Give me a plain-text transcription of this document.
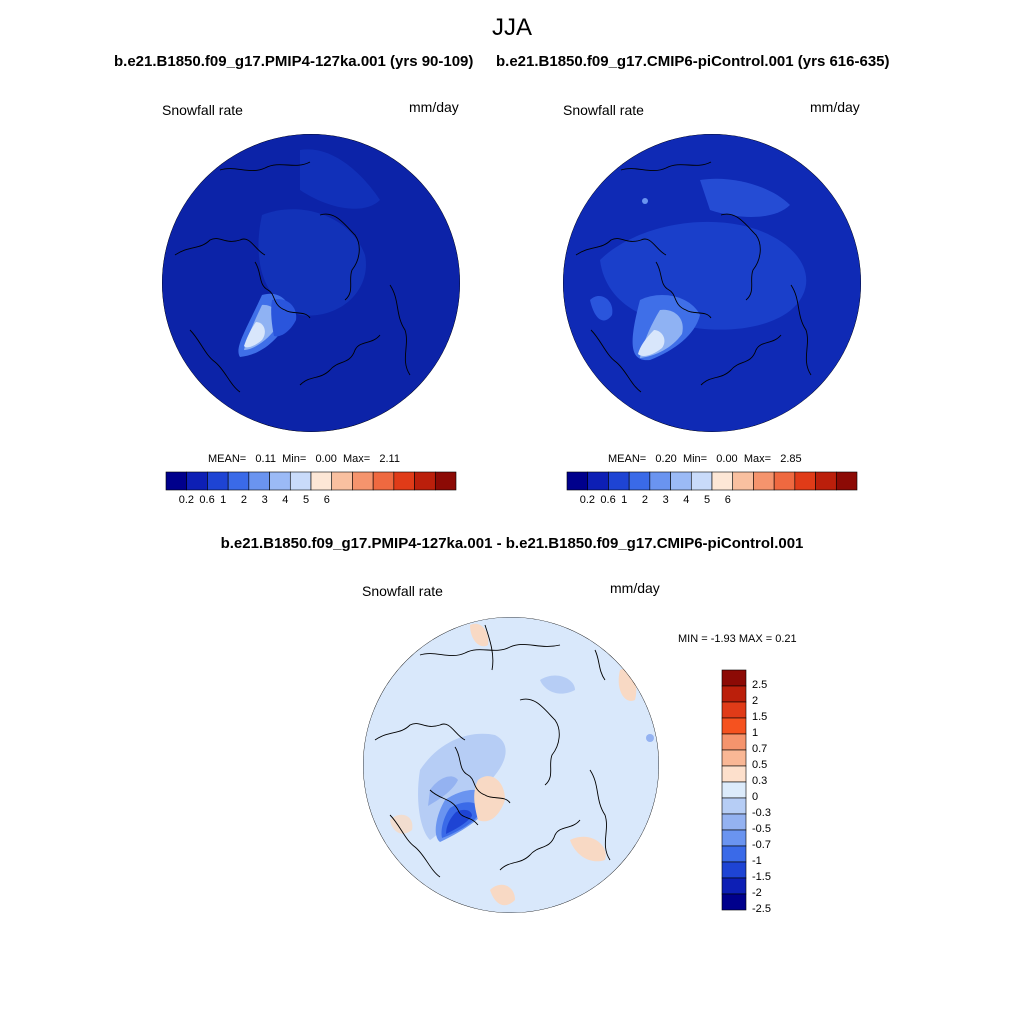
JJA
b.e21.B1850.f09_g17.PMIP4-127ka.001 (yrs 90-109) b.e21.B1850.f09_g17.CMIP6-piControl.001 (yrs 616-635)
Snowfall rate	mm/day	Snowfall rate	mm/day
MEAN= 0.11 Min= 0.00 Max= 2.11	MEAN= 0.20 Min= 0.00 Max= 2.85
0.2 0.6 1 2 3 4 5 6	0.2 0.6 1 2 3 4 5 6
b.e21.B1850.f09_g17.PMIP4-127ka.001 - b.e21.B1850.f09_g17.CMIP6-piControl.001
Snowfall rate	mm/day
MIN = -1.93 MAX = 0.21
2.5
2
1.5
1
0.7
0.5
0.3
0
-0.3
-0.5
-0.7
-1
-1.5
-2
-2.5
